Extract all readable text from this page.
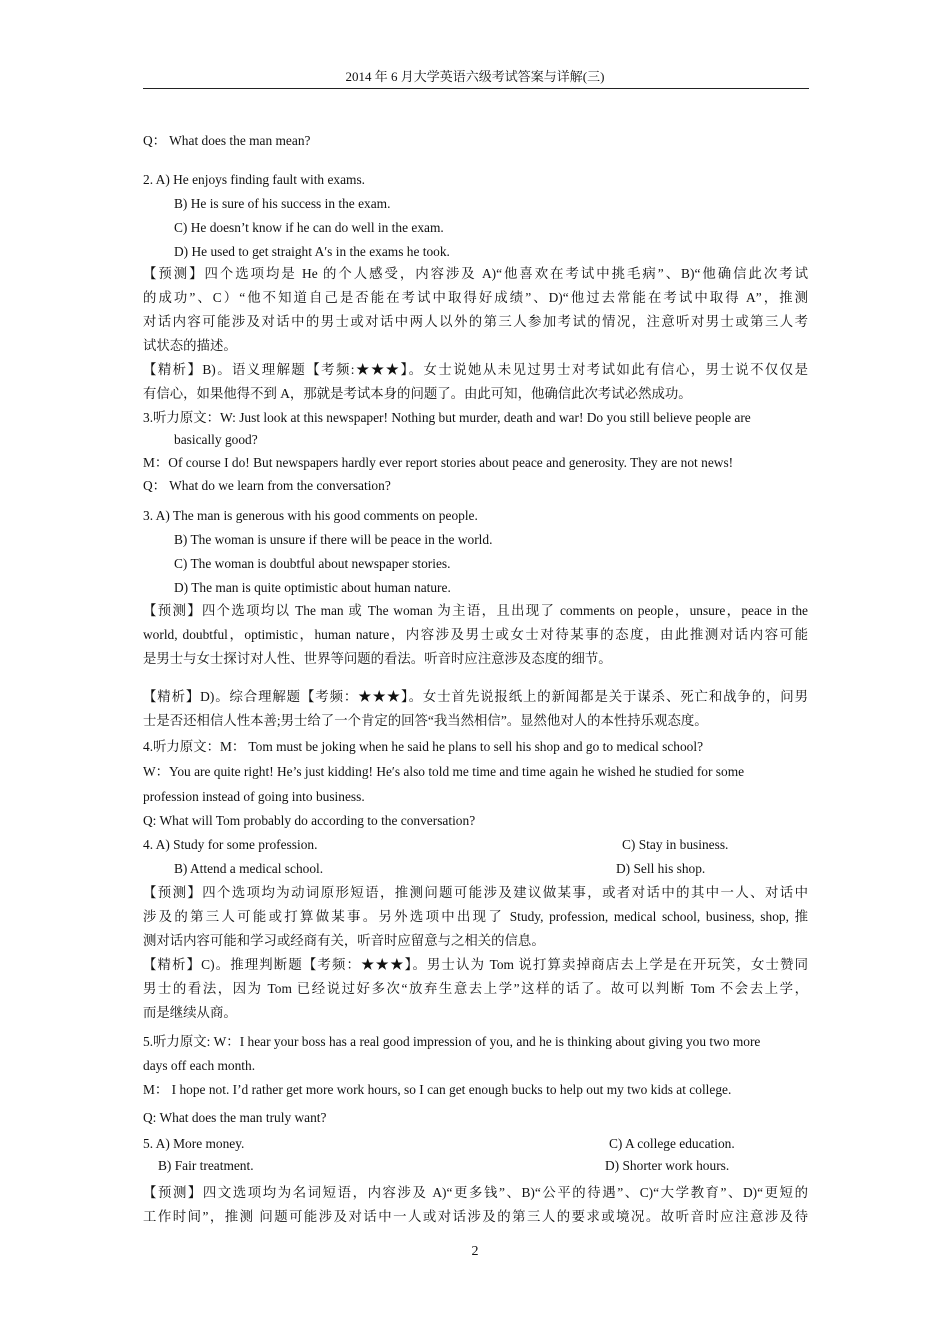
2014 年 6 月大学英语六级考试答案与详解(三)
Q： What does the man mean?
2. A) He enjoys finding fault with exams.
B) He is sure of his success in the exam.
C) He doesn’t know if he can do well in the exam.
D) He used to get straight A′s in the exams he took.
【预测】四个选项均是 He 的个人感受，内容涉及 A)“他喜欢在考试中挑毛病”、B)“他确信此次考试
的成功”、C）“他不知道自己是否能在考试中取得好成绩”、D)“他过去常能在考试中取得 A”，推测
对话内容可能涉及对话中的男士或对话中两人以外的第三人参加考试的情况，注意听对男士或第三人考
试状态的描述。
【精析】B)。语义理解题【考频:★★★】。女士说她从未见过男士对考试如此有信心，男士说不仅仅是
有信心，如果他得不到 A，那就是考试本身的问题了。由此可知，他确信此次考试必然成功。
3.听力原文：W: Just look at this newspaper! Nothing but murder, death and war! Do you still believe people are
basically good?
M：Of course I do! But newspapers hardly ever report stories about peace and generosity. They are not news!
Q： What do we learn from the conversation?
3. A) The man is generous with his good comments on people.
B) The woman is unsure if there will be peace in the world.
C) The woman is doubtful about newspaper stories.
D) The man is quite optimistic about human nature.
【预测】四个选项均以 The man 或 The woman 为主语，且出现了 comments on people，unsure，peace in the
world, doubtful，optimistic，human nature，内容涉及男士或女士对待某事的态度，由此推测对话内容可能
是男士与女士探讨对人性、世界等问题的看法。听音时应注意涉及态度的细节。
【精析】D)。综合理解题【考频：★★★】。女士首先说报纸上的新闻都是关于谋杀、死亡和战争的，问男
士是否还相信人性本善;男士给了一个肯定的回答“我当然相信”。显然他对人的本性持乐观态度。
4.听力原文：M： Tom must be joking when he said he plans to sell his shop and go to medical school?
W：You are quite right! He’s just kidding! He′s also told me time and time again he wished he studied for some
profession instead of going into business.
Q: What will Tom probably do according to the conversation?
4. A) Study for some profession.	C) Stay in business.
B) Attend a medical school.	D) Sell his shop.
【预测】四个选项均为动词原形短语，推测问题可能涉及建议做某事，或者对话中的其中一人、对话中
涉及的第三人可能或打算做某事。另外选项中出现了 Study, profession, medical school, business, shop, 推
测对话内容可能和学习或经商有关，听音时应留意与之相关的信息。
【精析】C)。推理判断题【考频：★★★】。男士认为 Tom 说打算卖掉商店去上学是在开玩笑，女士赞同
男士的看法，因为 Tom 已经说过好多次“放弃生意去上学”这样的话了。故可以判断 Tom 不会去上学，
而是继续从商。
5.听力原文: W：I hear your boss has a real good impression of you, and he is thinking about giving you two more
days off each month.
M： I hope not. I’d rather get more work hours, so I can get enough bucks to help out my two kids at college.
Q: What does the man truly want?
5. A) More money.	C) A college education.
B) Fair treatment.	D) Shorter work hours.
【预测】四文选项均为名词短语，内容涉及 A)“更多钱”、B)“公平的待遇”、C)“大学教育”、D)“更短的
工作时间”，推测 问题可能涉及对话中一人或对话涉及的第三人的要求或境况。故听音时应注意涉及待
2
